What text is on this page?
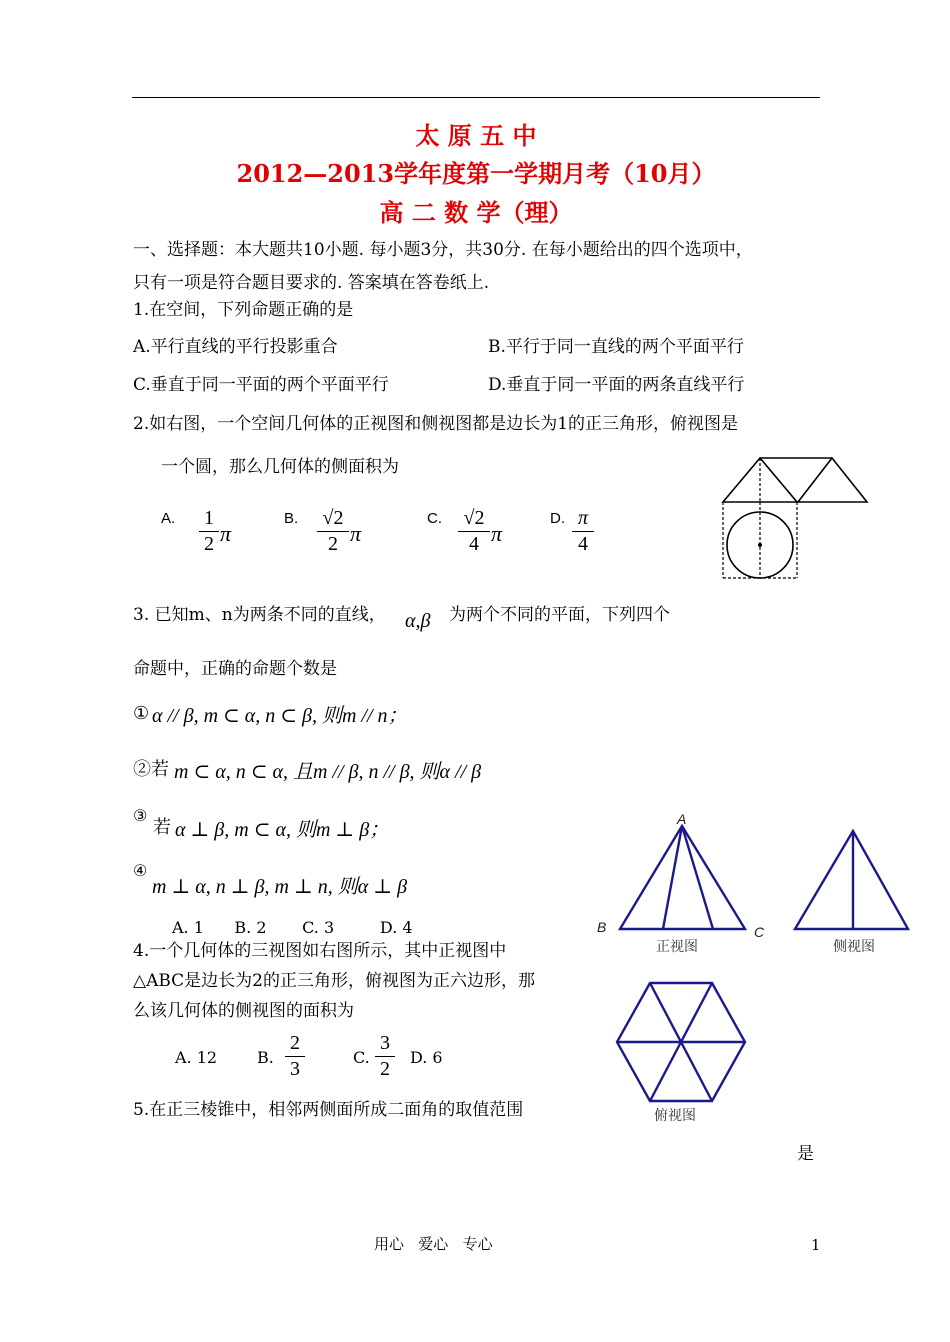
太 原 五 中
2012—2013学年度第一学期月考（10月）
高 二 数 学（理）
一、选择题：本大题共10小题. 每小题3分，共30分. 在每小题给出的四个选项中，
只有一项是符合题目要求的. 答案填在答卷纸上.
1.在空间，下列命题正确的是
A.平行直线的平行投影重合	B.平行于同一直线的两个平面平行
C.垂直于同一平面的两个平面平行	D.垂直于同一平面的两条直线平行
2.如右图，一个空间几何体的正视图和侧视图都是边长为1的正三角形，俯视图是
一个圆，那么几何体的侧面积为
A. $\frac{1}{2}$ π
B. $\frac{√2}{2}$ π
C. $\frac{√2}{4}$ π
D. $\frac{\pi}{4}$
3. 已知m、n为两条不同的直线， α,β 为两个不同的平面，下列四个
命题中，正确的命题个数是
① α // β, m ⊂ α, n ⊂ β, 则m // n；
②若 m ⊂ α, n ⊂ α, 且m // β, n // β, 则α // β
③
若 α ⊥ β, m ⊂ α, 则m ⊥ β；
④
m ⊥ α, n ⊥ β, m ⊥ n, 则α ⊥ β
A. 1      B. 2       C. 3         D. 4
4.一个几何体的三视图如右图所示，其中正视图中
△ABC是边长为2的正三角形，俯视图为正六边形，那
么该几何体的侧视图的面积为
A. 12 B. $\frac{2}{3}$	C. $\frac{3}{2} D$. 6
A
B	C
正视图	侧视图
俯视图
5.在正三棱锥中，相邻两侧面所成二面角的取值范围
是
用心   爱心   专心	1
